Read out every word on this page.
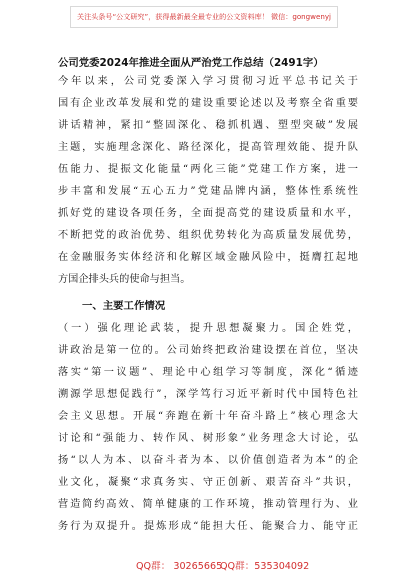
关注头条号“公文研究”，获得最新最全最专业的公文资料库！ 微信：gongwenyj
公司党委2024年推进全面从严治党工作总结（2491字）
今年以来，公司党委深入学习贯彻习近平总书记关于
国有企业改革发展和党的建设重要论述以及考察全省重要
讲话精神，紧扣“整固深化、稳抓机遇、塑型突破”发展
主题，实施理念深化、路径深化，提高管理效能、提升队
伍能力、提振文化能量“两化三能”党建工作方案，进一
步丰富和发展“五心五力”党建品牌内涵，整体性系统性
抓好党的建设各项任务，全面提高党的建设质量和水平，
不断把党的政治优势、组织优势转化为高质量发展优势，
在金融服务实体经济和化解区域金融风险中，挺膺扛起地
方国企排头兵的使命与担当。
一、主要工作情况
（一）强化理论武装，提升思想凝聚力。国企姓党，
讲政治是第一位的。公司始终把政治建设摆在首位，坚决
落实“第一议题”、理论中心组学习等制度，深化“循迹
溯源学思想促践行”，深学笃行习近平新时代中国特色社
会主义思想。开展“奔跑在新十年奋斗路上”核心理念大
讨论和“强能力、转作风、树形象”业务理念大讨论，弘
扬“以人为本、以奋斗者为本、以价值创造者为本”的企
业文化，凝聚“求真务实、守正创新、艰苦奋斗”共识，
营造简约高效、简单健康的工作环境，推动管理行为、业
务行为双提升。提炼形成“能担大任、能聚合力、能守正
QQ群： 30265665
QQ群：535304092
